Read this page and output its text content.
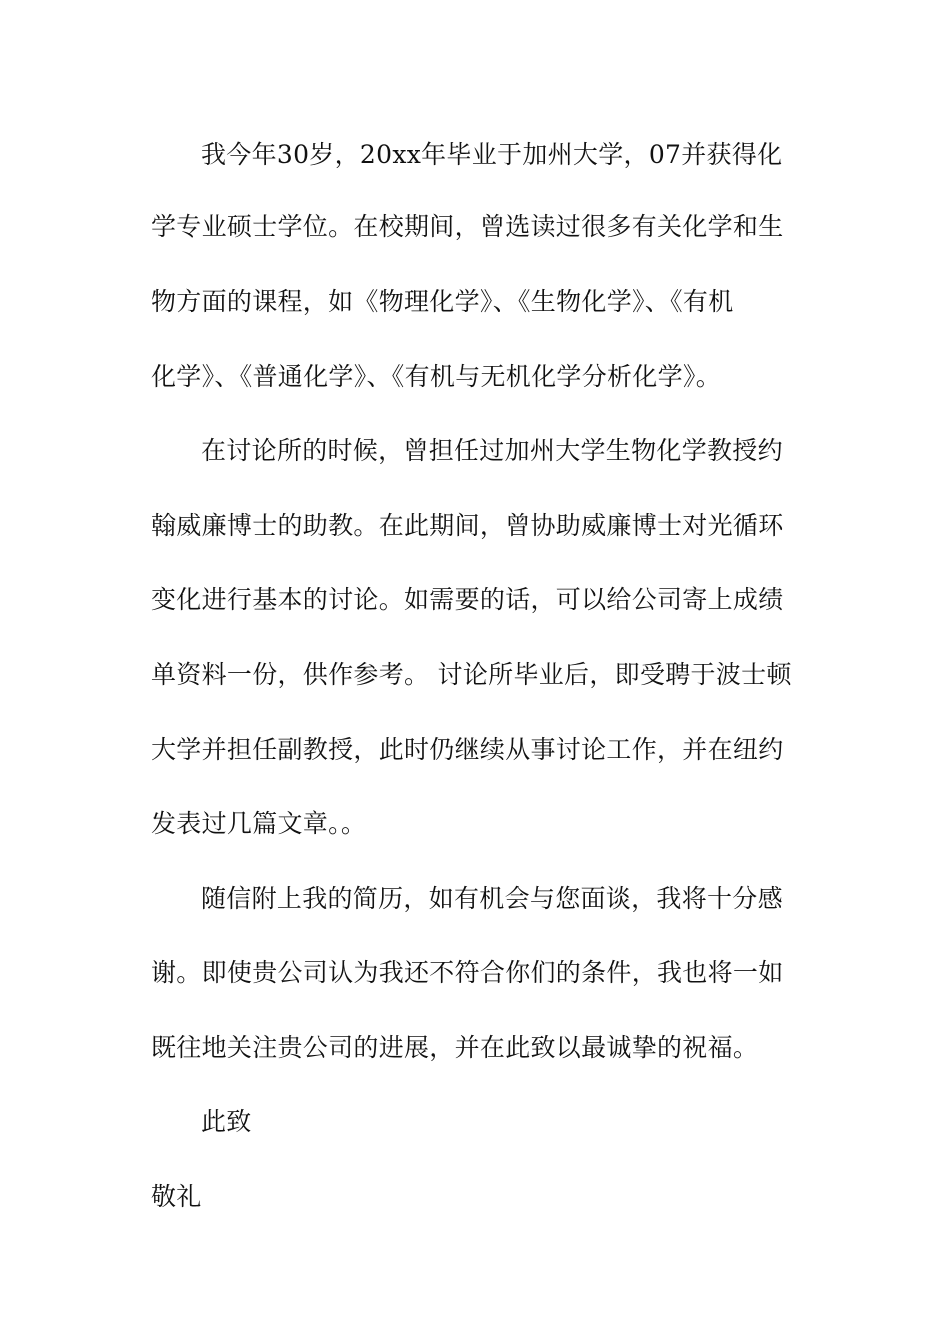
我今年30岁，20xx年毕业于加州大学，07并获得化

学专业硕士学位。在校期间，曾选读过很多有关化学和生

物方面的课程，如《物理化学》、《生物化学》、《有机

化学》、《普通化学》、《有机与无机化学分析化学》。

在讨论所的时候，曾担任过加州大学生物化学教授约

翰威廉博士的助教。在此期间，曾协助威廉博士对光循环

变化进行基本的讨论。如需要的话，可以给公司寄上成绩

单资料一份，供作参考。 讨论所毕业后，即受聘于波士顿

大学并担任副教授，此时仍继续从事讨论工作，并在纽约

发表过几篇文章。。

随信附上我的简历，如有机会与您面谈，我将十分感

谢。即使贵公司认为我还不符合你们的条件，我也将一如

既往地关注贵公司的进展，并在此致以最诚挚的祝福。

此致

敬礼
